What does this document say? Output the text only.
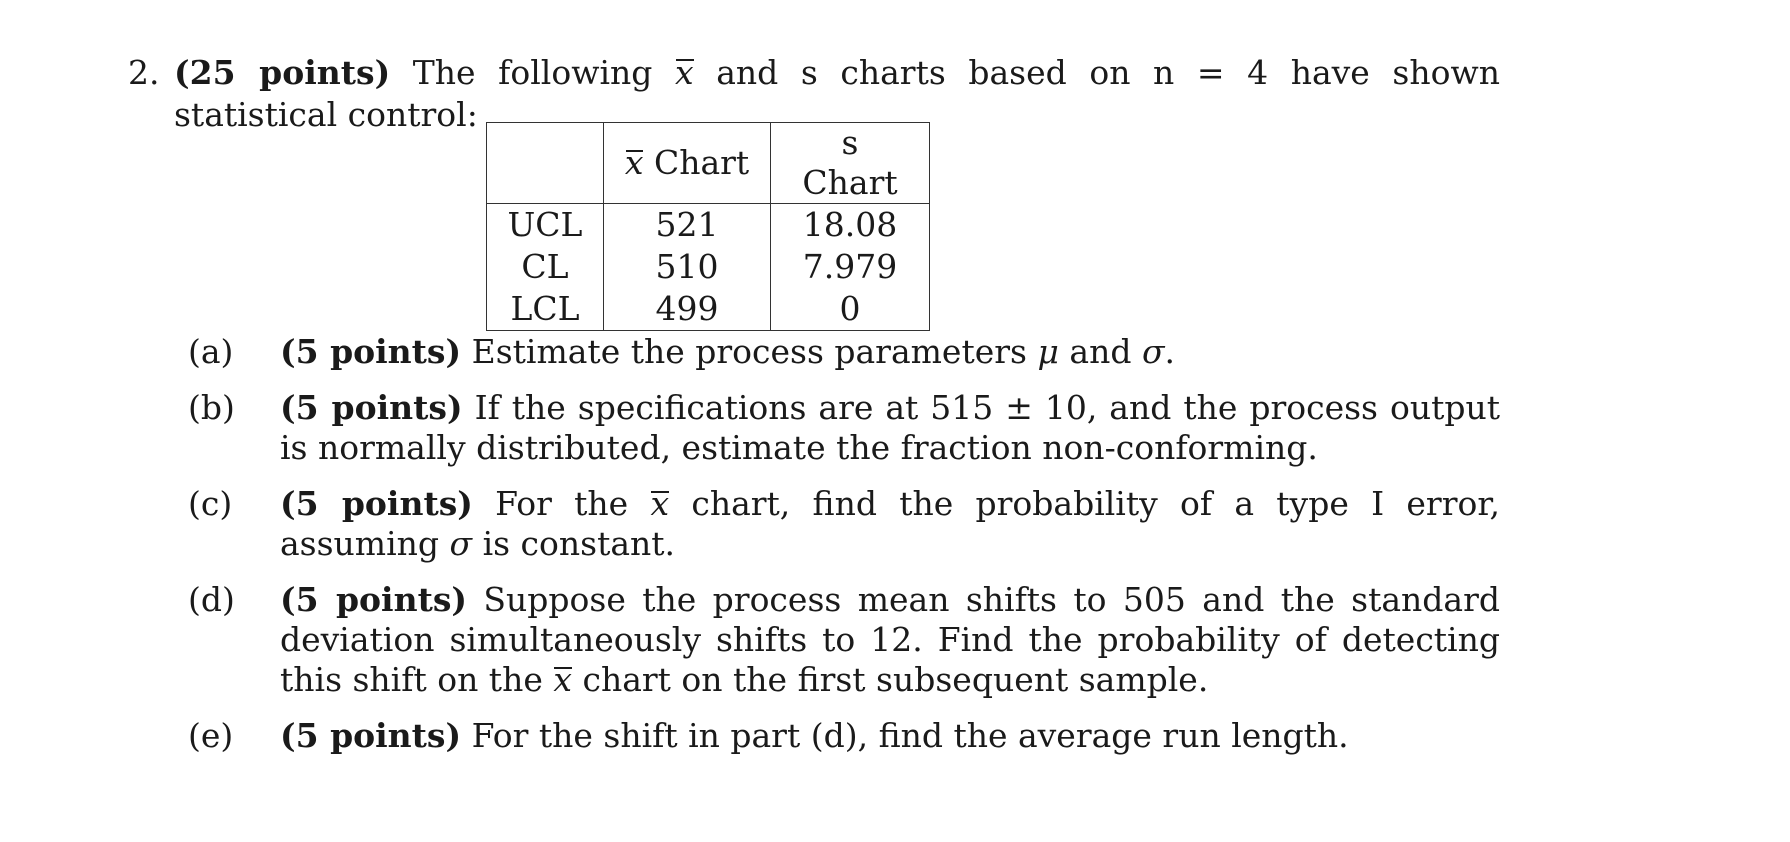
2. (25 points) The following x and s charts based on n = 4 have shown statistical control:
	x Chart	s Chart
UCL	521	18.08
CL	510	7.979
LCL	499	0
(a)	(5 points) Estimate the process parameters μ and σ.
(b)	(5 points) If the specifications are at 515 ± 10, and the process output is normally distributed, estimate the fraction non-conforming.
(c)	(5 points) For the x chart, find the probability of a type I error, assuming σ is constant.
(d)	(5 points) Suppose the process mean shifts to 505 and the standard deviation simultaneously shifts to 12. Find the probability of detecting this shift on the x chart on the first subsequent sample.
(e)	(5 points) For the shift in part (d), find the average run length.
